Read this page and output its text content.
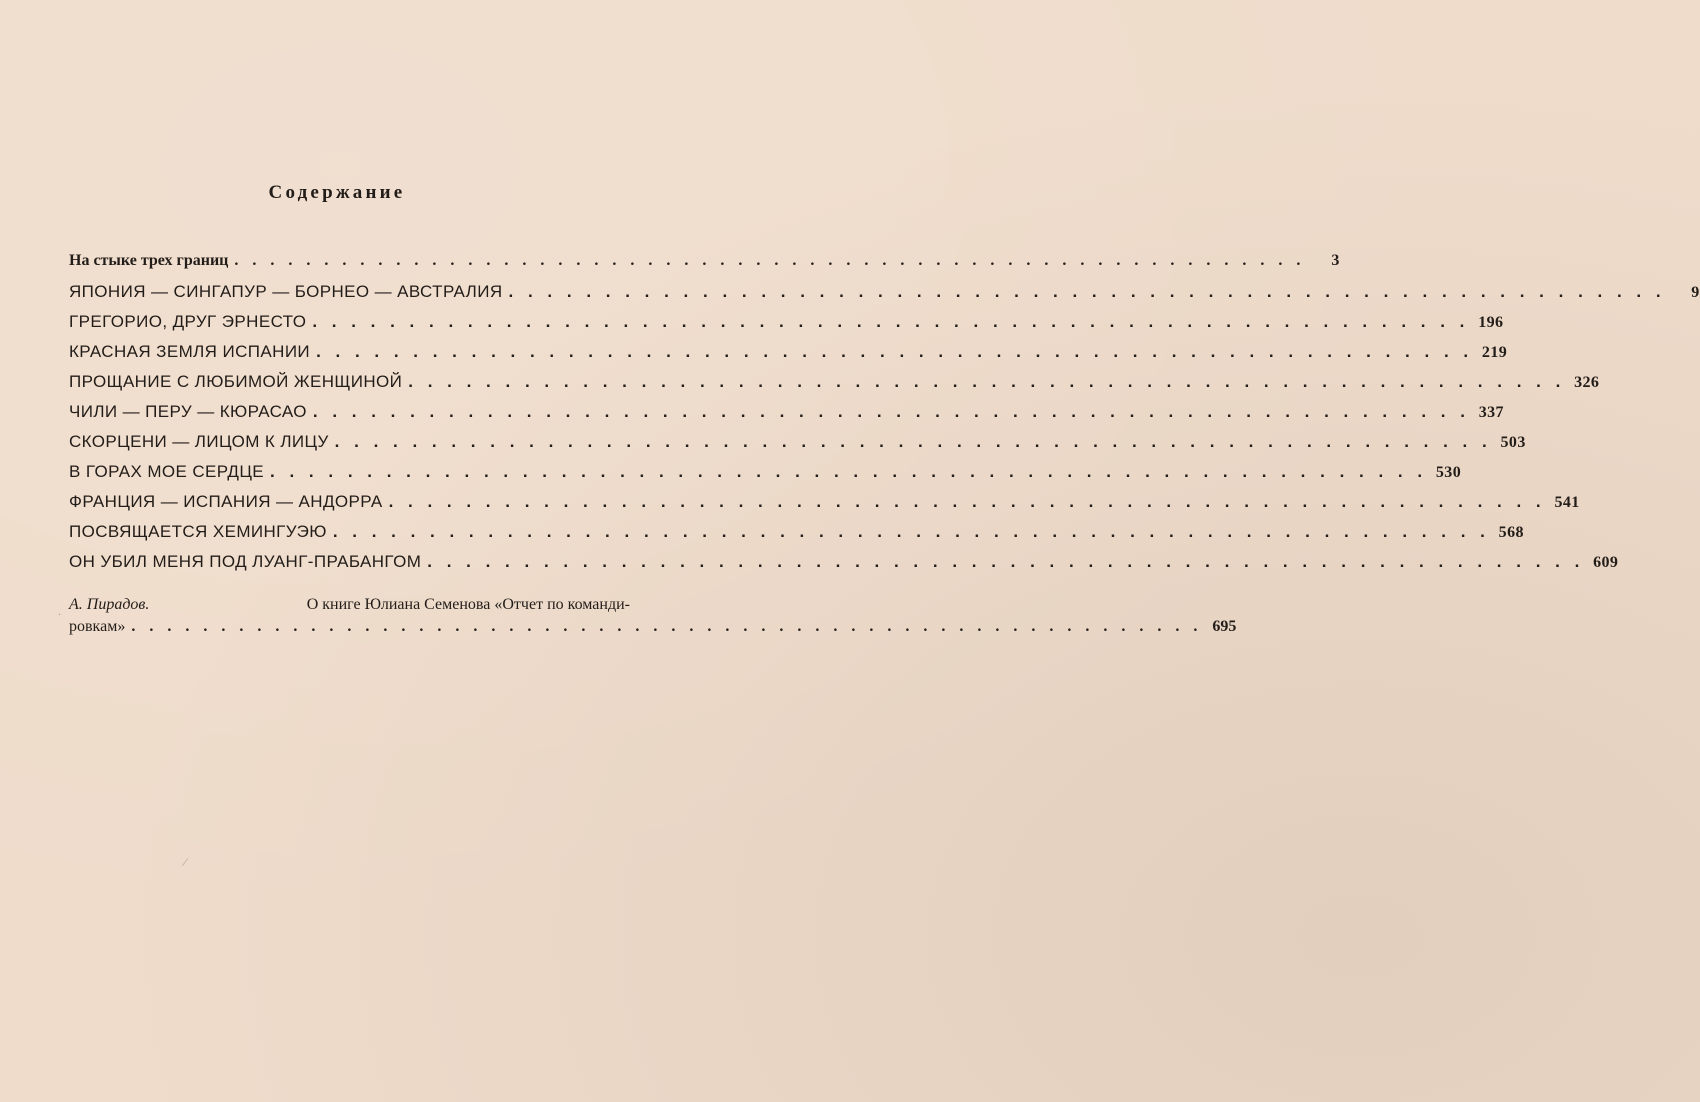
Содержание
На стыке трех границ . . . . . . . . . . . . . . . . . . . . . . . . . . . . . . . . . . . . . . . . . . . . . . . . . . . . . . . . . . . .	3
ЯПОНИЯ — СИНГАПУР — БОРНЕО — АВСТРАЛИЯ . . . . . . . . . . . . . . . . . . . . . . . . . . . . . . . . . . . . . . . . . . . . . . . . . . . . . . . . . . . .	9
ГРЕГОРИО, ДРУГ ЭРНЕСТО . . . . . . . . . . . . . . . . . . . . . . . . . . . . . . . . . . . . . . . . . . . . . . . . . . . . . . . . . . . . 196
КРАСНАЯ ЗЕМЛЯ ИСПАНИИ . . . . . . . . . . . . . . . . . . . . . . . . . . . . . . . . . . . . . . . . . . . . . . . . . . . . . . . . . . . . 219
ПРОЩАНИЕ С ЛЮБИМОЙ ЖЕНЩИНОЙ . . . . . . . . . . . . . . . . . . . . . . . . . . . . . . . . . . . . . . . . . . . . . . . . . . . . . . . . . . . . 326
ЧИЛИ — ПЕРУ — КЮРАСАО . . . . . . . . . . . . . . . . . . . . . . . . . . . . . . . . . . . . . . . . . . . . . . . . . . . . . . . . . . . . 337
СКОРЦЕНИ — ЛИЦОМ К ЛИЦУ . . . . . . . . . . . . . . . . . . . . . . . . . . . . . . . . . . . . . . . . . . . . . . . . . . . . . . . . . . . . 503
В ГОРАХ МОЕ СЕРДЦЕ . . . . . . . . . . . . . . . . . . . . . . . . . . . . . . . . . . . . . . . . . . . . . . . . . . . . . . . . . . . . 530
ФРАНЦИЯ — ИСПАНИЯ — АНДОРРА . . . . . . . . . . . . . . . . . . . . . . . . . . . . . . . . . . . . . . . . . . . . . . . . . . . . . . . . . . . . 541
ПОСВЯЩАЕТСЯ ХЕМИНГУЭЮ . . . . . . . . . . . . . . . . . . . . . . . . . . . . . . . . . . . . . . . . . . . . . . . . . . . . . . . . . . . . 568
ОН УБИЛ МЕНЯ ПОД ЛУАНГ-ПРАБАНГОМ . . . . . . . . . . . . . . . . . . . . . . . . . . . . . . . . . . . . . . . . . . . . . . . . . . . . . . . . . . . . 609
А. Пирадов.	О книге Юлиана Семенова «Отчет по команди-
ровкам» . . . . . . . . . . . . . . . . . . . . . . . . . . . . . . . . . . . . . . . . . . . . . . . . . . . . . . . . . . . . 695
.
⁄
